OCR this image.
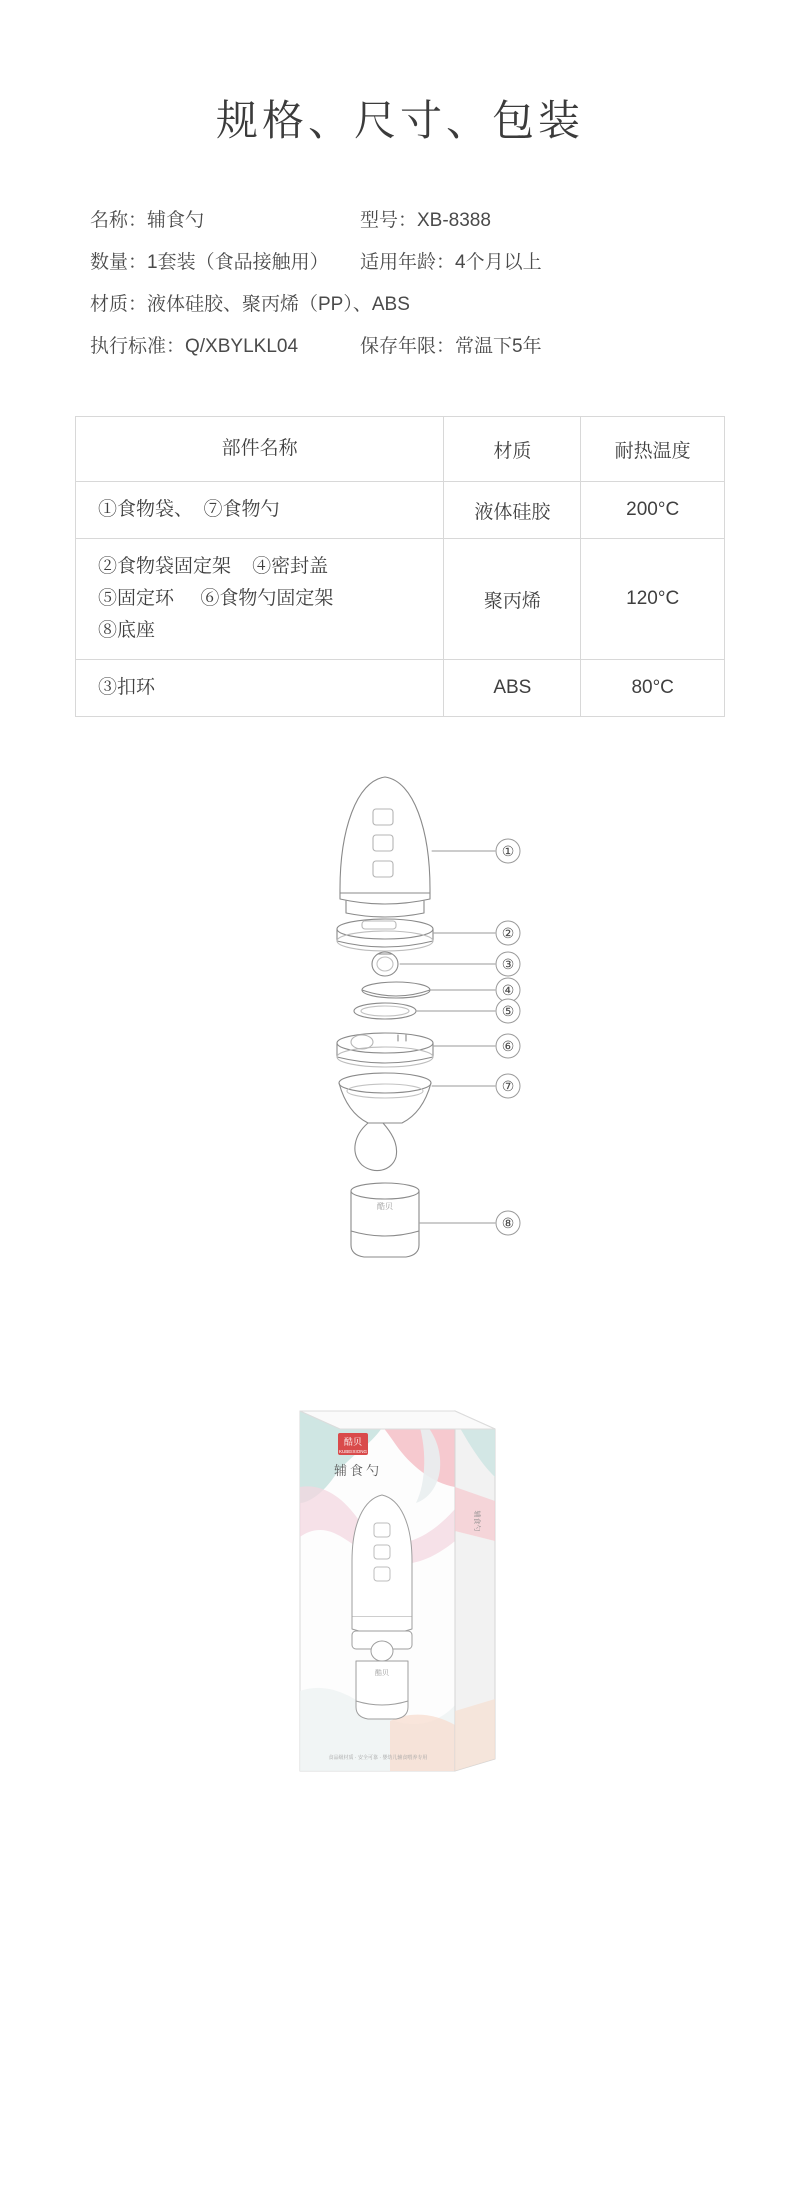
规格、尺寸、包装
名称：辅食勺	型号：XB-8388
数量：1套装（食品接触用）	适用年龄：4个月以上
材质：液体硅胶、聚丙烯（PP）、ABS
执行标准：Q/XBYLKL04	保存年限：常温下5年
部件名称	材质	耐热温度

①食物袋、  ⑦食物勺	液体硅胶	200°C

②食物袋固定架    ④密封盖
⑤固定环     ⑥食物勺固定架
⑧底座	聚丙烯	120°C

③扣环	ABS	80°C
酷贝
①
②
③
④
⑤
⑥
⑦
⑧
酷贝
KUBEIXIONG
辅食勺
酷贝
食品级材质 · 安全可靠 · 婴幼儿辅食喂养专用
辅食勺
